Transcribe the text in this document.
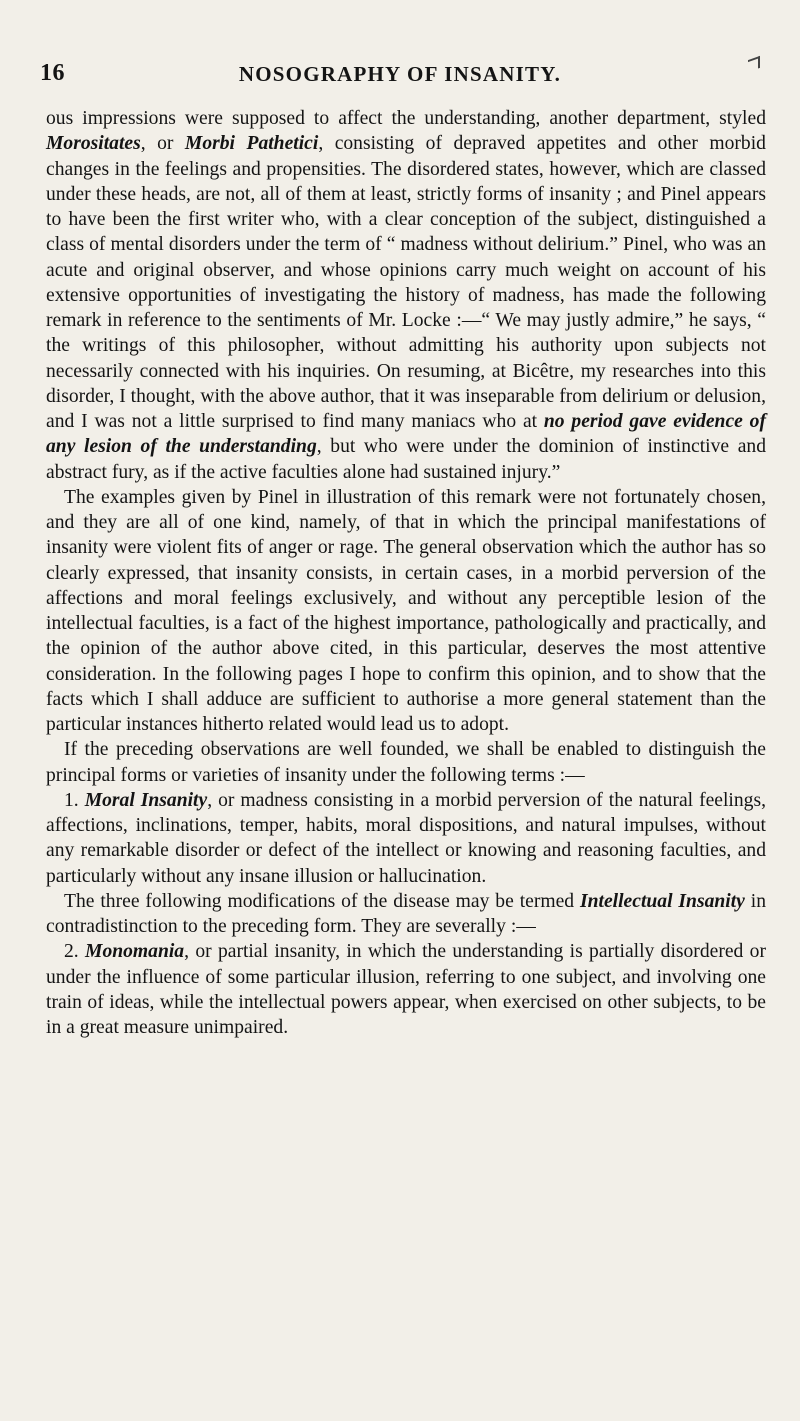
16	NOSOGRAPHY OF INSANITY.

ous impressions were supposed to affect the understanding, another department, styled Morositates, or Morbi Pathetici, consisting of depraved appetites and other morbid changes in the feelings and propensities. The disordered states, however, which are classed under these heads, are not, all of them at least, strictly forms of insanity ; and Pinel appears to have been the first writer who, with a clear conception of the subject, distinguished a class of mental disorders under the term of “ madness without delirium.” Pinel, who was an acute and original observer, and whose opinions carry much weight on account of his extensive opportunities of investigating the history of madness, has made the following remark in reference to the sentiments of Mr. Locke :—“ We may justly admire,” he says, “ the writings of this philosopher, without admitting his authority upon subjects not necessarily connected with his inquiries. On resuming, at Bicêtre, my researches into this disorder, I thought, with the above author, that it was inseparable from delirium or delusion, and I was not a little surprised to find many maniacs who at no period gave evidence of any lesion of the understanding, but who were under the dominion of instinctive and abstract fury, as if the active faculties alone had sustained injury.”

The examples given by Pinel in illustration of this remark were not fortunately chosen, and they are all of one kind, namely, of that in which the principal manifestations of insanity were violent fits of anger or rage. The general observation which the author has so clearly expressed, that insanity consists, in certain cases, in a morbid perversion of the affections and moral feelings exclusively, and without any perceptible lesion of the intellectual faculties, is a fact of the highest importance, pathologically and practically, and the opinion of the author above cited, in this particular, deserves the most attentive consideration. In the following pages I hope to confirm this opinion, and to show that the facts which I shall adduce are sufficient to authorise a more general statement than the particular instances hitherto related would lead us to adopt.

If the preceding observations are well founded, we shall be enabled to distinguish the principal forms or varieties of insanity under the following terms :—

1. Moral Insanity, or madness consisting in a morbid perversion of the natural feelings, affections, inclinations, temper, habits, moral dispositions, and natural impulses, without any remarkable disorder or defect of the intellect or knowing and reasoning faculties, and particularly without any insane illusion or hallucination.

The three following modifications of the disease may be termed Intellectual Insanity in contradistinction to the preceding form. They are severally :—

2. Monomania, or partial insanity, in which the understanding is partially disordered or under the influence of some particular illusion, referring to one subject, and involving one train of ideas, while the intellectual powers appear, when exercised on other subjects, to be in a great measure unimpaired.
